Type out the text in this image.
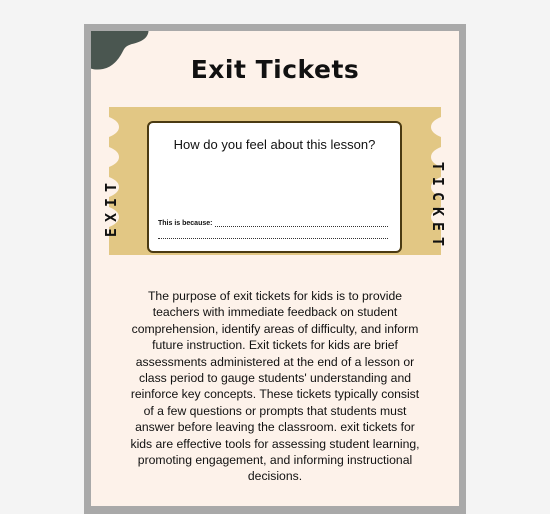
Exit Tickets
How do you feel about this lesson?
This is because:
EXIT	TICKET
The purpose of exit tickets for kids is to provide teachers with immediate feedback on student comprehension, identify areas of difficulty, and inform future instruction. Exit tickets for kids are brief assessments administered at the end of a lesson or class period to gauge students' understanding and reinforce key concepts. These tickets typically consist of a few questions or prompts that students must answer before leaving the classroom. exit tickets for kids are effective tools for assessing student learning, promoting engagement, and informing instructional decisions.
